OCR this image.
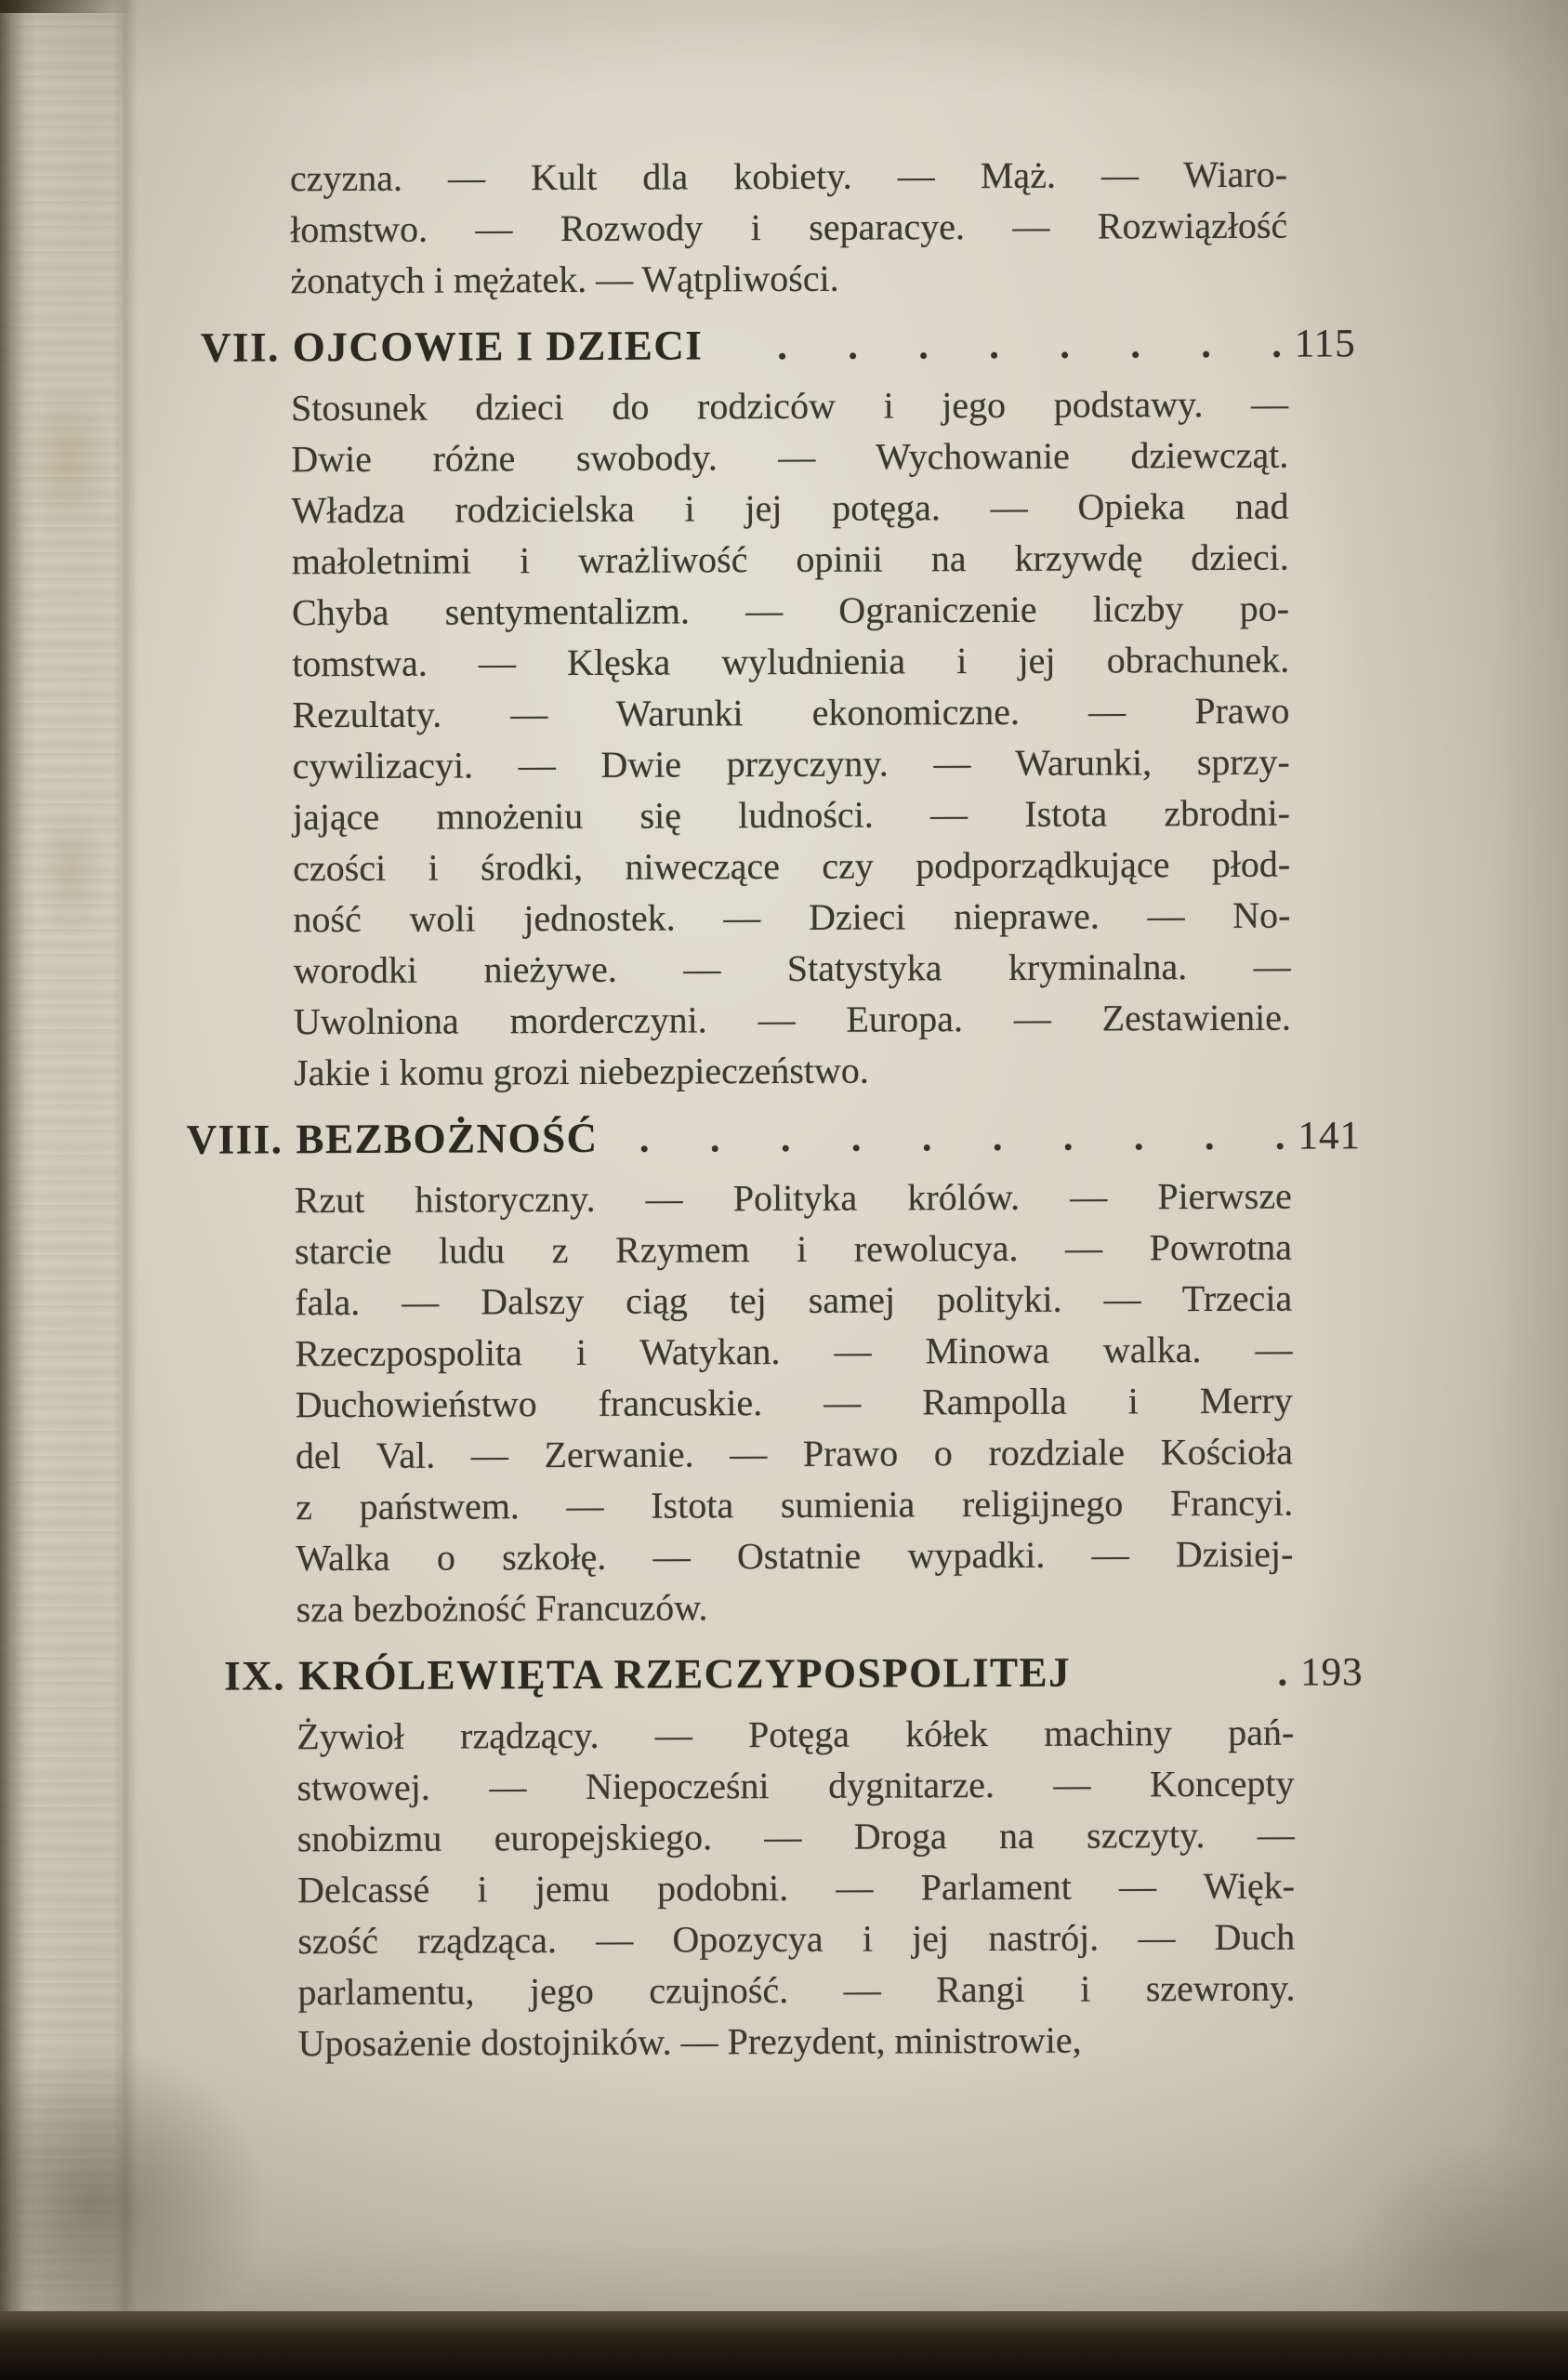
czyzna. — Kult dla kobiety. — Mąż. — Wiaro-
łomstwo. — Rozwody i separacye. — Rozwiązłość
żonatych i mężatek. — Wątpliwości.
VII. OJCOWIE I DZIECI	. . . . . . . . 115
Stosunek dzieci do rodziców i jego podstawy. —
Dwie różne swobody. — Wychowanie dziewcząt.
Władza rodzicielska i jej potęga. — Opieka nad
małoletnimi i wrażliwość opinii na krzywdę dzieci.
Chyba sentymentalizm. — Ograniczenie liczby po-
tomstwa. — Klęska wyludnienia i jej obrachunek.
Rezultaty. — Warunki ekonomiczne. — Prawo
cywilizacyi. — Dwie przyczyny. — Warunki, sprzy-
jające mnożeniu się ludności. — Istota zbrodni-
czości i środki, niweczące czy podporządkujące płod-
ność woli jednostek. — Dzieci nieprawe. — No-
worodki nieżywe. — Statystyka kryminalna. —
Uwolniona morderczyni. — Europa. — Zestawienie.
Jakie i komu grozi niebezpieczeństwo.
VIII. BEZBOŻNOŚĆ	. . . . . . . . . . 141
Rzut historyczny. — Polityka królów. — Pierwsze
starcie ludu z Rzymem i rewolucya. — Powrotna
fala. — Dalszy ciąg tej samej polityki. — Trzecia
Rzeczpospolita i Watykan. — Minowa walka. —
Duchowieństwo francuskie. — Rampolla i Merry
del Val. — Zerwanie. — Prawo o rozdziale Kościoła
z państwem. — Istota sumienia religijnego Francyi.
Walka o szkołę. — Ostatnie wypadki. — Dzisiej-
sza bezbożność Francuzów.
IX. KRÓLEWIĘTA RZECZYPOSPOLITEJ	. 193
Żywioł rządzący. — Potęga kółek machiny pań-
stwowej. — Niepocześni dygnitarze. — Koncepty
snobizmu europejskiego. — Droga na szczyty. —
Delcassé i jemu podobni. — Parlament — Więk-
szość rządząca. — Opozycya i jej nastrój. — Duch
parlamentu, jego czujność. — Rangi i szewrony.
Uposażenie dostojników. — Prezydent, ministrowie,
